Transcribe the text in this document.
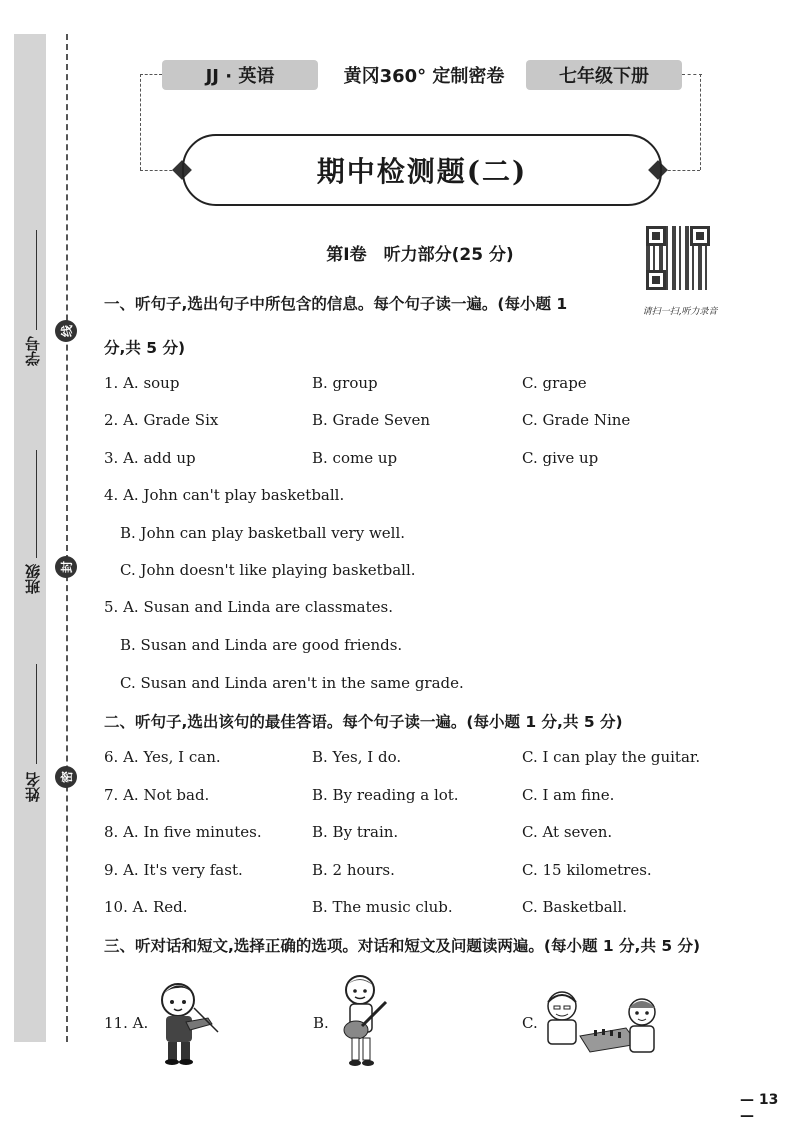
线
封
密
学号
班级
姓名
JJ · 英语	黄冈360° 定制密卷	七年级下册
期中检测题(二)
请扫一扫,听力录音
第Ⅰ卷　听力部分(25 分)
一、听句子,选出句子中所包含的信息。每个句子读一遍。(每小题 1
分,共 5 分)
1. A. soup	B. group	C. grape
2. A. Grade Six	B. Grade Seven	C. Grade Nine
3. A. add up	B. come up	C. give up
4. A. John can't play basketball.
B. John can play basketball very well.
C. John doesn't like playing basketball.
5. A. Susan and Linda are classmates.
B. Susan and Linda are good friends.
C. Susan and Linda aren't in the same grade.
二、听句子,选出该句的最佳答语。每个句子读一遍。(每小题 1 分,共 5 分)
6. A. Yes, I can.	B. Yes, I do.	C. I can play the guitar.
7. A. Not bad.	B. By reading a lot.	C. I am fine.
8. A. In five minutes.	B. By train.	C. At seven.
9. A. It's very fast.	B. 2 hours.	C. 15 kilometres.
10. A. Red.	B. The music club.	C. Basketball.
三、听对话和短文,选择正确的选项。对话和短文及问题读两遍。(每小题 1 分,共 5 分)
11. A.	B.	C.
— 13 —
